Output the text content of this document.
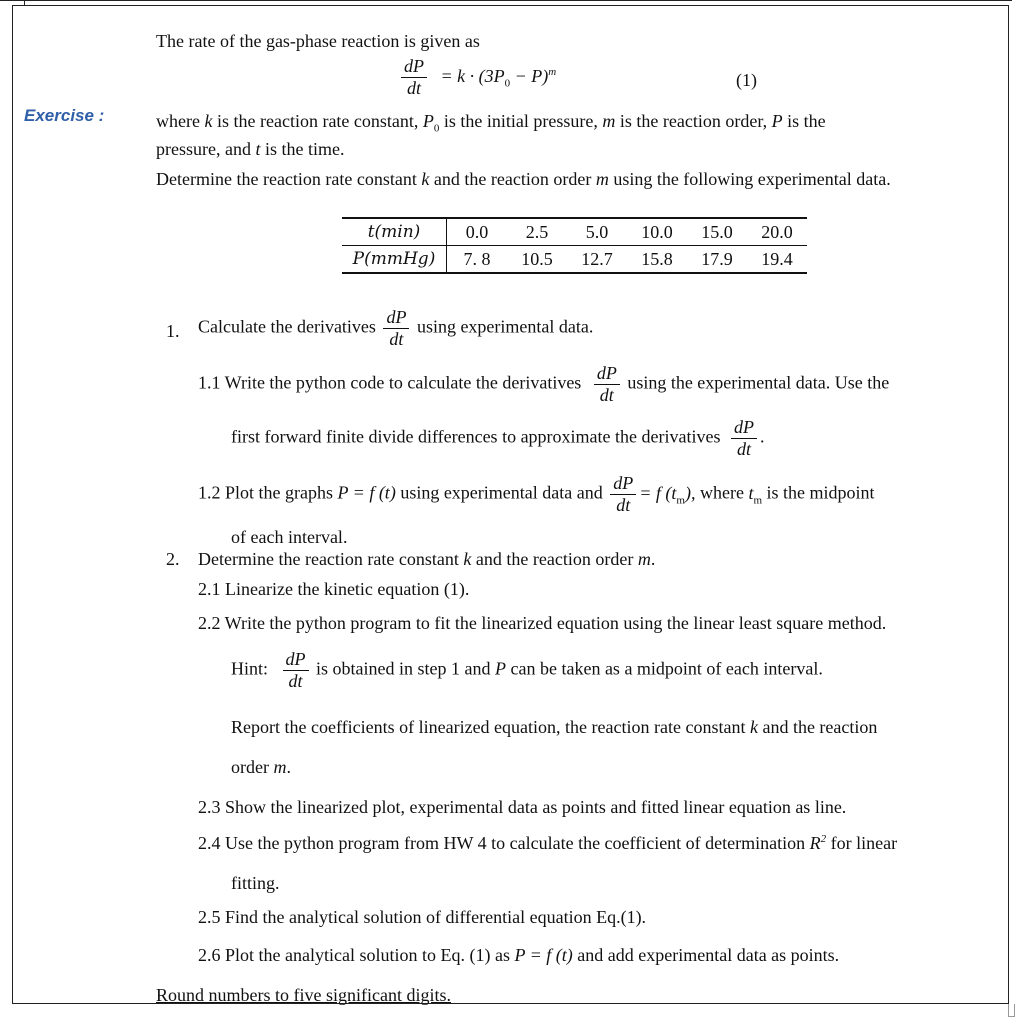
Exercise :
The rate of the gas-phase reaction is given as
$\frac{dP}{dt} = k \cdot (3P_0 - P)^m$	(1)
where k is the reaction rate constant, $P_0$ is the initial pressure, m is the reaction order, P is the
pressure, and t is the time.
Determine the reaction rate constant k and the reaction order m using the following experimental data.
t(min)	0.0	2.5	5.0	10.0	15.0	20.0
P(mmHg)	7. 8	10.5	12.7	15.8	17.9	19.4
1. Calculate the derivatives $\frac{dP}{dt}$ using experimental data.
1.1 Write the python code to calculate the derivatives $\frac{dP}{dt}$ using the experimental data. Use the
first forward finite divide differences to approximate the derivatives $\frac{dP}{dt}$ .
1.2 Plot the graphs P = f (t) using experimental data and $\frac{dP}{dt} = f$ $(t_m)$, where $t_m$ is the midpoint
of each interval.
2. Determine the reaction rate constant k and the reaction order m.
2.1 Linearize the kinetic equation (1).
2.2 Write the python program to fit the linearized equation using the linear least square method.
Hint: $\frac{dP}{dt}$ is obtained in step 1 and P can be taken as a midpoint of each interval.
Report the coefficients of linearized equation, the reaction rate constant k and the reaction
order m.
2.3 Show the linearized plot, experimental data as points and fitted linear equation as line.
2.4 Use the python program from HW 4 to calculate the coefficient of determination $R^2$ for linear
fitting.
2.5 Find the analytical solution of differential equation Eq.(1).
2.6 Plot the analytical solution to Eq. (1) as P = f (t) and add experimental data as points.
Round numbers to five significant digits.
